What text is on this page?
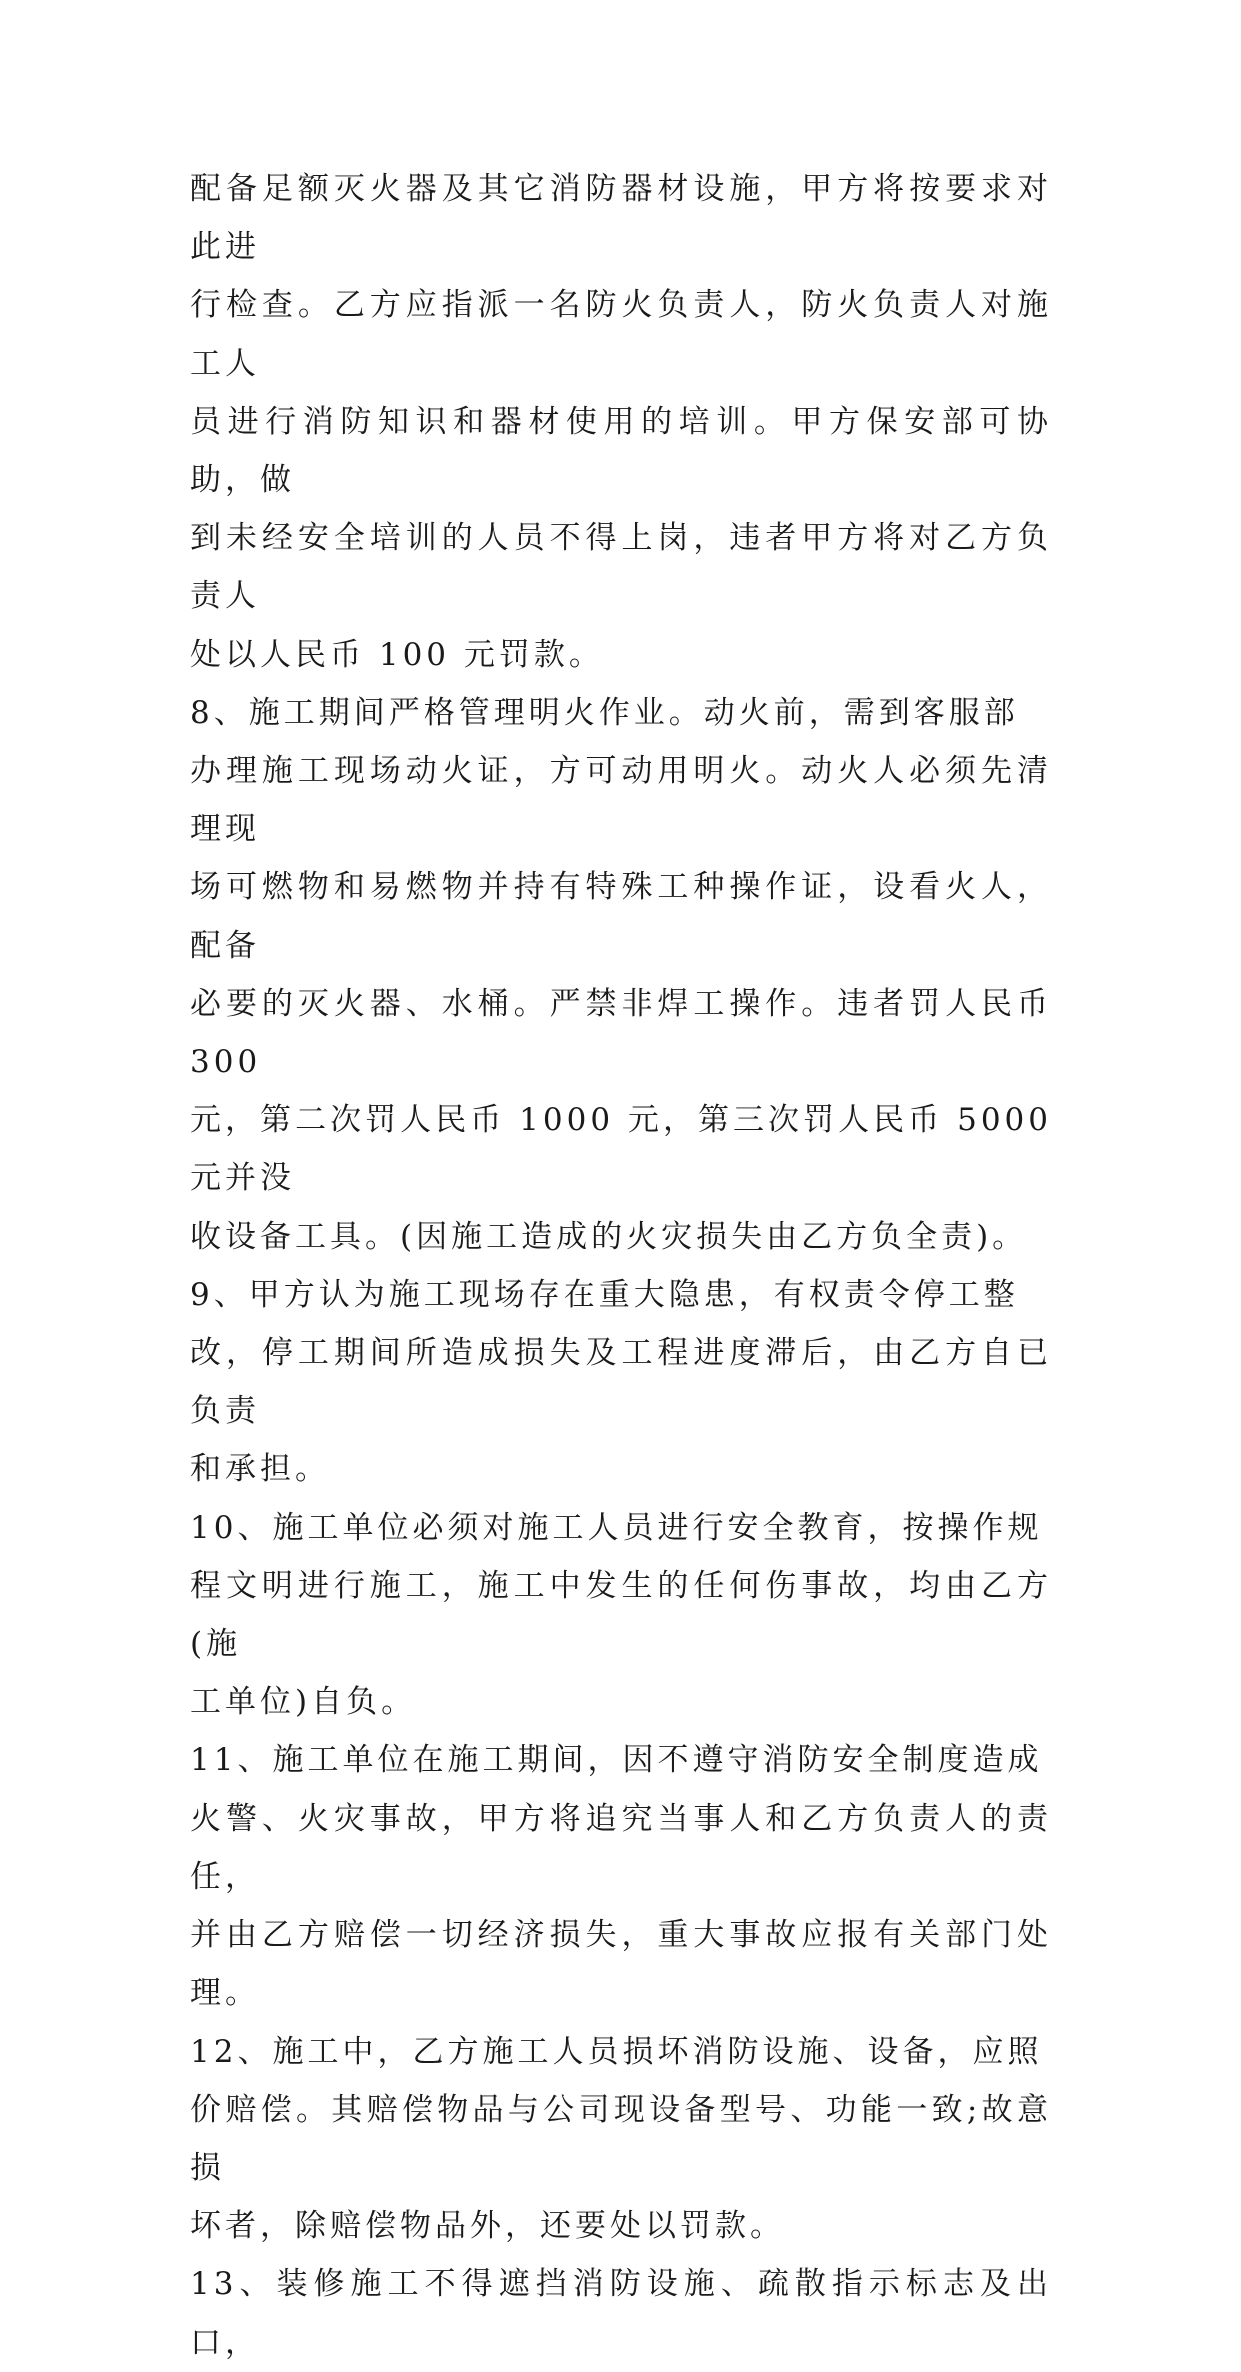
配备足额灭火器及其它消防器材设施，甲方将按要求对此进
行检查。乙方应指派一名防火负责人，防火负责人对施工人
员进行消防知识和器材使用的培训。甲方保安部可协助，做
到未经安全培训的人员不得上岗，违者甲方将对乙方负责人
处以人民币 100 元罚款。

8、施工期间严格管理明火作业。动火前，需到客服部
办理施工现场动火证，方可动用明火。动火人必须先清理现
场可燃物和易燃物并持有特殊工种操作证，设看火人，配备
必要的灭火器、水桶。严禁非焊工操作。违者罚人民币 300
元，第二次罚人民币 1000 元，第三次罚人民币 5000 元并没
收设备工具。(因施工造成的火灾损失由乙方负全责)。

9、甲方认为施工现场存在重大隐患，有权责令停工整
改，停工期间所造成损失及工程进度滞后，由乙方自已负责
和承担。

10、施工单位必须对施工人员进行安全教育，按操作规
程文明进行施工，施工中发生的任何伤事故，均由乙方(施
工单位)自负。

11、施工单位在施工期间，因不遵守消防安全制度造成
火警、火灾事故，甲方将追究当事人和乙方负责人的责任，
并由乙方赔偿一切经济损失，重大事故应报有关部门处理。

12、施工中，乙方施工人员损坏消防设施、设备，应照
价赔偿。其赔偿物品与公司现设备型号、功能一致;故意损
坏者，除赔偿物品外，还要处以罚款。

13、装修施工不得遮挡消防设施、疏散指示标志及出口，
